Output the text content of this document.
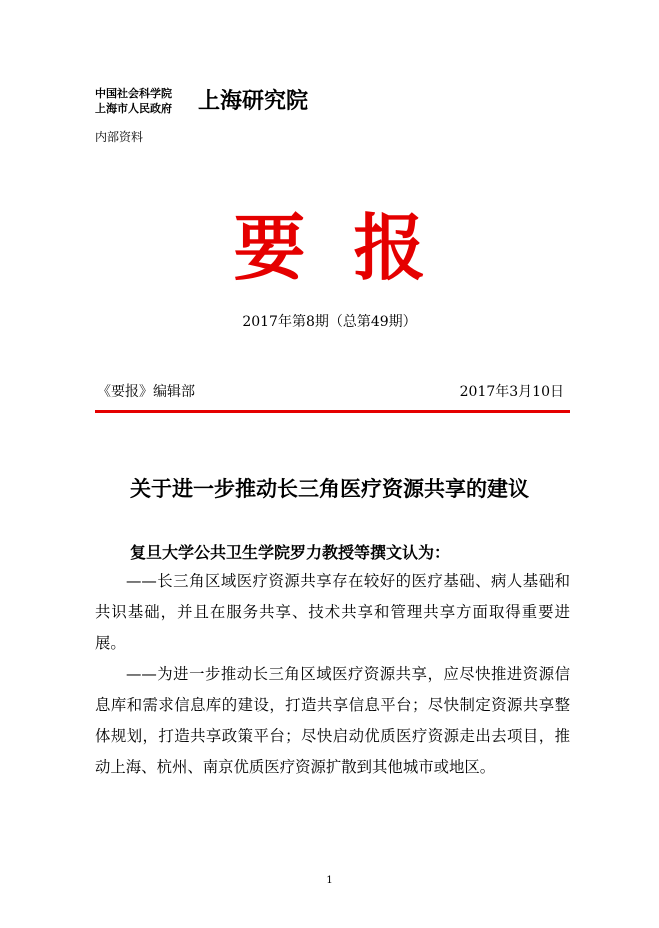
中国社会科学院
上海市人民政府 上海研究院
内部资料
要报
2017年第8期（总第49期）
《要报》编辑部	2017年3月10日
关于进一步推动长三角医疗资源共享的建议
复旦大学公共卫生学院罗力教授等撰文认为：

——长三角区域医疗资源共享存在较好的医疗基础、病人基础和共识基础，并且在服务共享、技术共享和管理共享方面取得重要进展。

——为进一步推动长三角区域医疗资源共享，应尽快推进资源信息库和需求信息库的建设，打造共享信息平台；尽快制定资源共享整体规划，打造共享政策平台；尽快启动优质医疗资源走出去项目，推动上海、杭州、南京优质医疗资源扩散到其他城市或地区。

1
